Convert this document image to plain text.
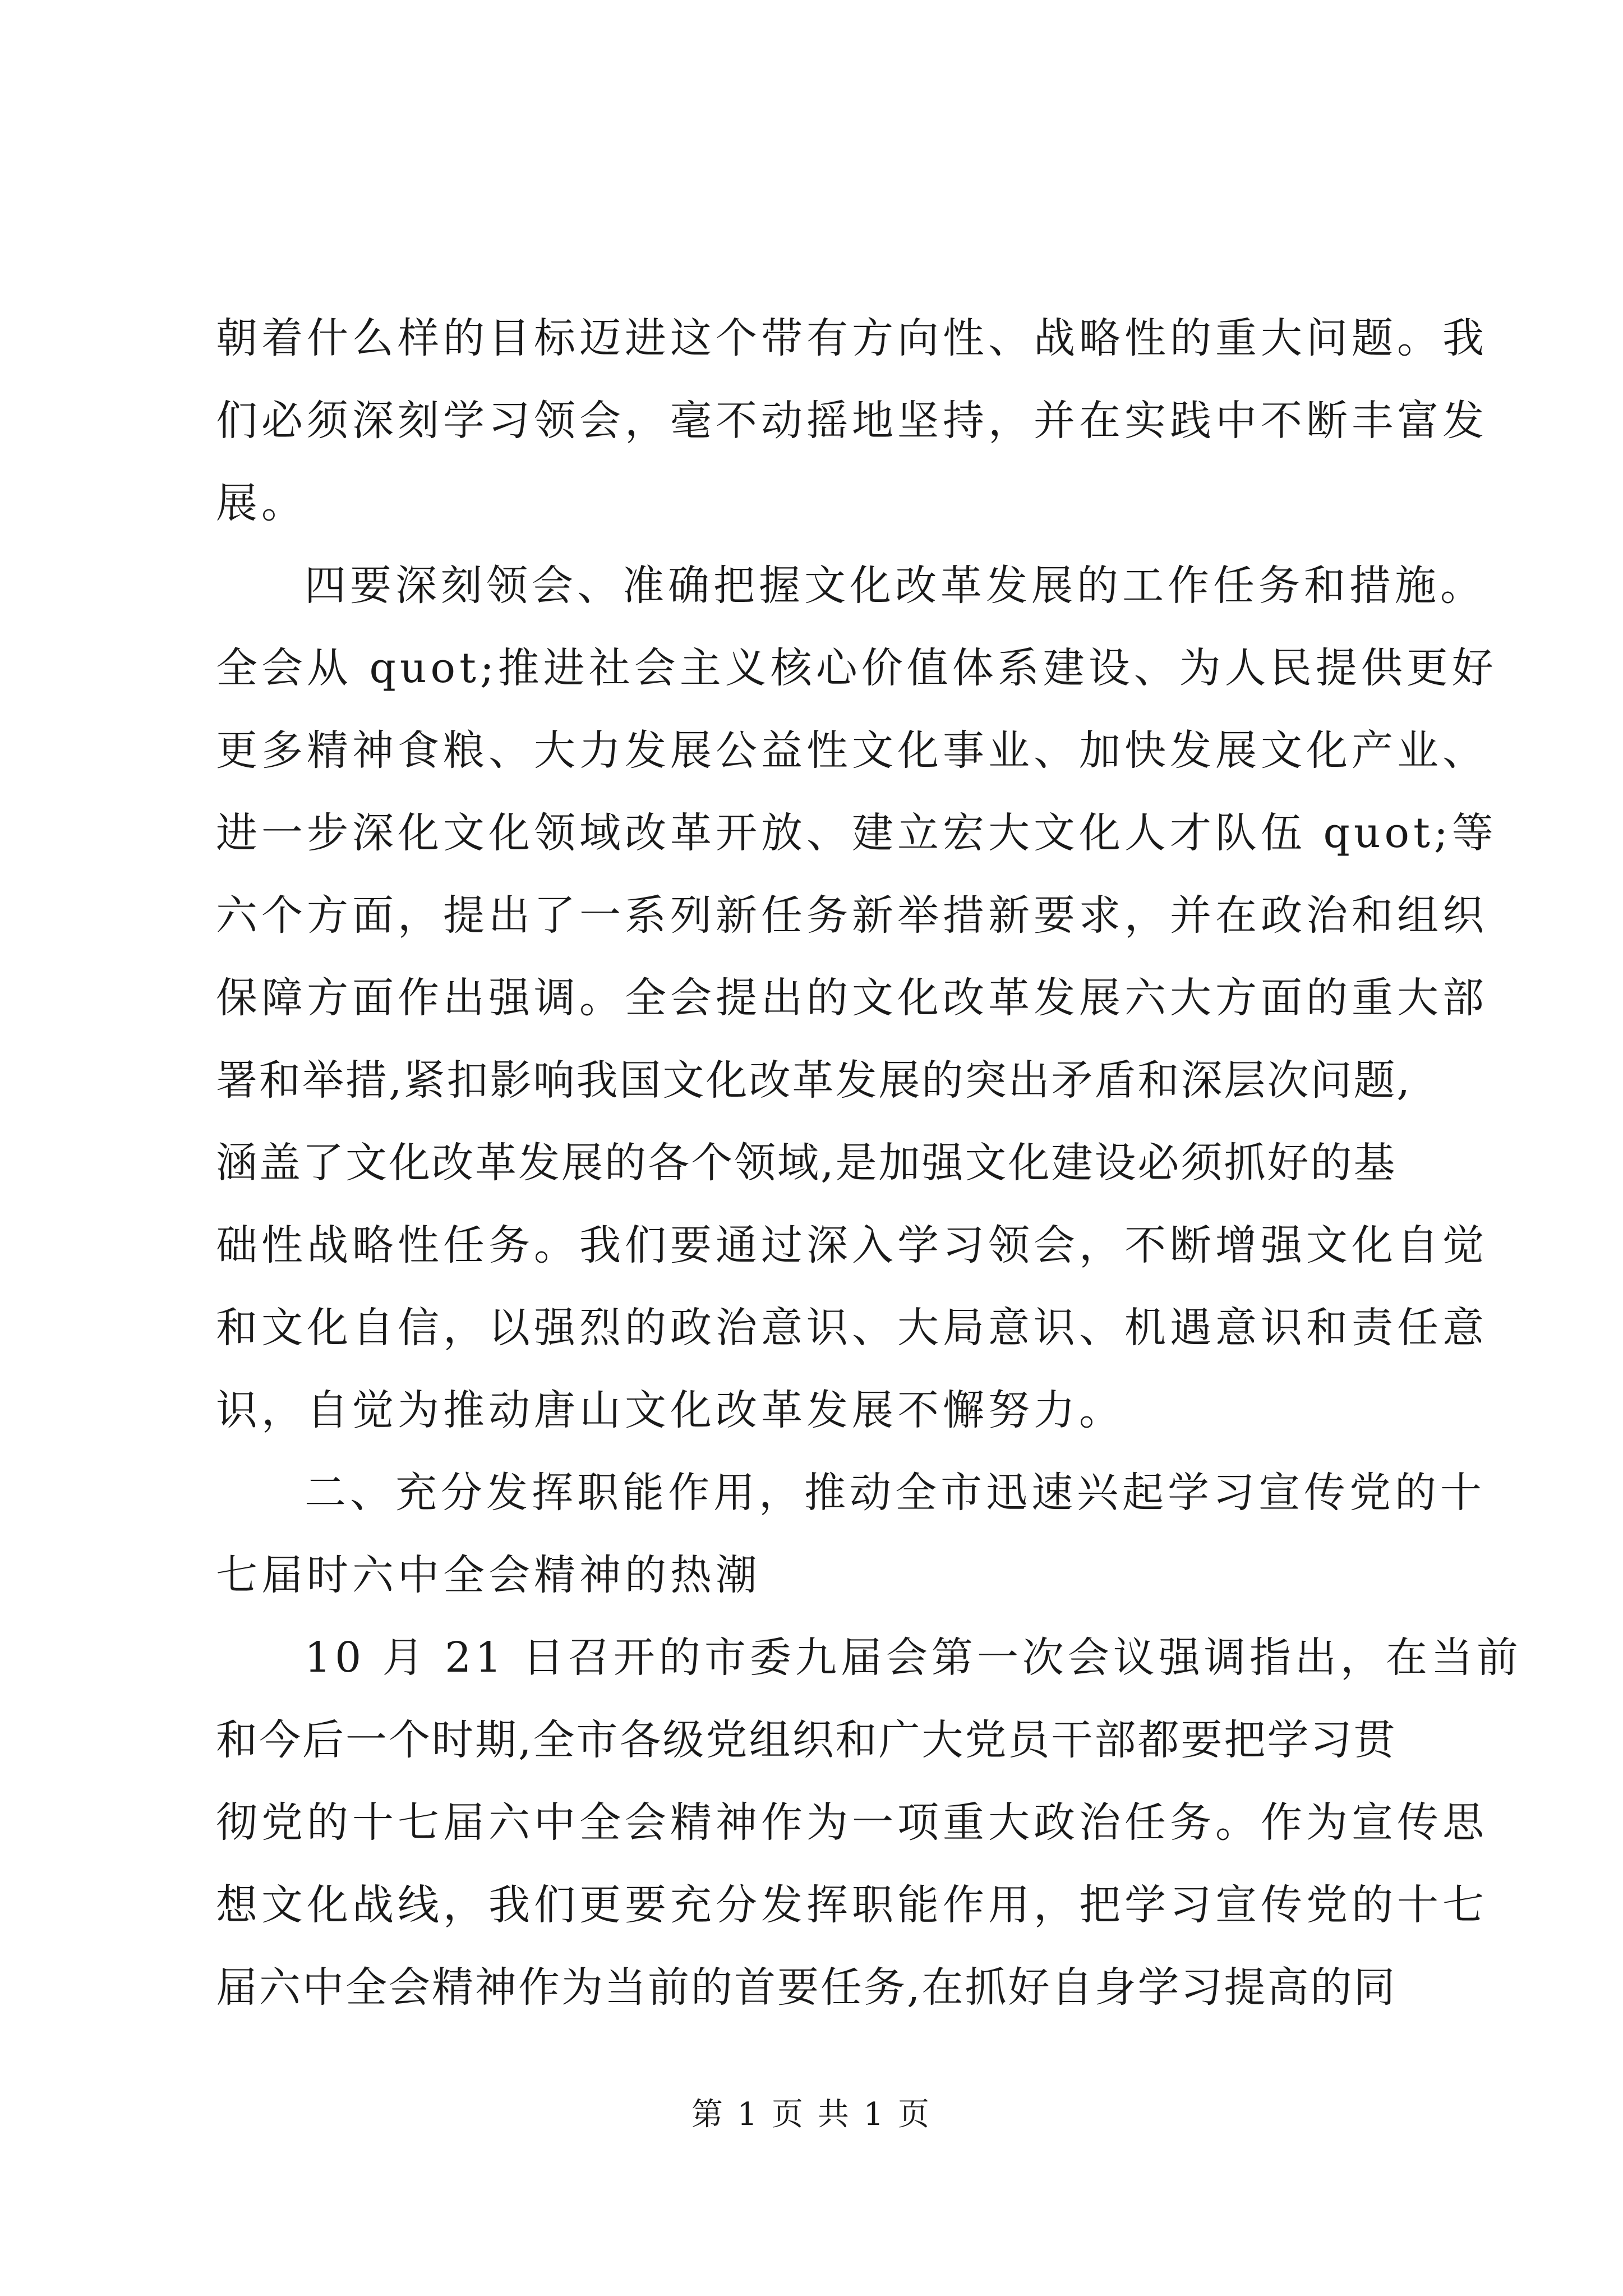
朝着什么样的目标迈进这个带有方向性、战略性的重大问题。我
们必须深刻学习领会，毫不动摇地坚持，并在实践中不断丰富发
展。
四要深刻领会、准确把握文化改革发展的工作任务和措施。
全会从 quot;推进社会主义核心价值体系建设、为人民提供更好
更多精神食粮、大力发展公益性文化事业、加快发展文化产业、
进一步深化文化领域改革开放、建立宏大文化人才队伍 quot;等
六个方面，提出了一系列新任务新举措新要求，并在政治和组织
保障方面作出强调。全会提出的文化改革发展六大方面的重大部
署和举措,紧扣影响我国文化改革发展的突出矛盾和深层次问题,
涵盖了文化改革发展的各个领域,是加强文化建设必须抓好的基
础性战略性任务。我们要通过深入学习领会，不断增强文化自觉
和文化自信，以强烈的政治意识、大局意识、机遇意识和责任意
识，自觉为推动唐山文化改革发展不懈努力。
二、充分发挥职能作用，推动全市迅速兴起学习宣传党的十
七届时六中全会精神的热潮
10 月 21 日召开的市委九届会第一次会议强调指出，在当前
和今后一个时期,全市各级党组织和广大党员干部都要把学习贯
彻党的十七届六中全会精神作为一项重大政治任务。作为宣传思
想文化战线，我们更要充分发挥职能作用，把学习宣传党的十七
届六中全会精神作为当前的首要任务,在抓好自身学习提高的同
第 1 页 共 1 页
